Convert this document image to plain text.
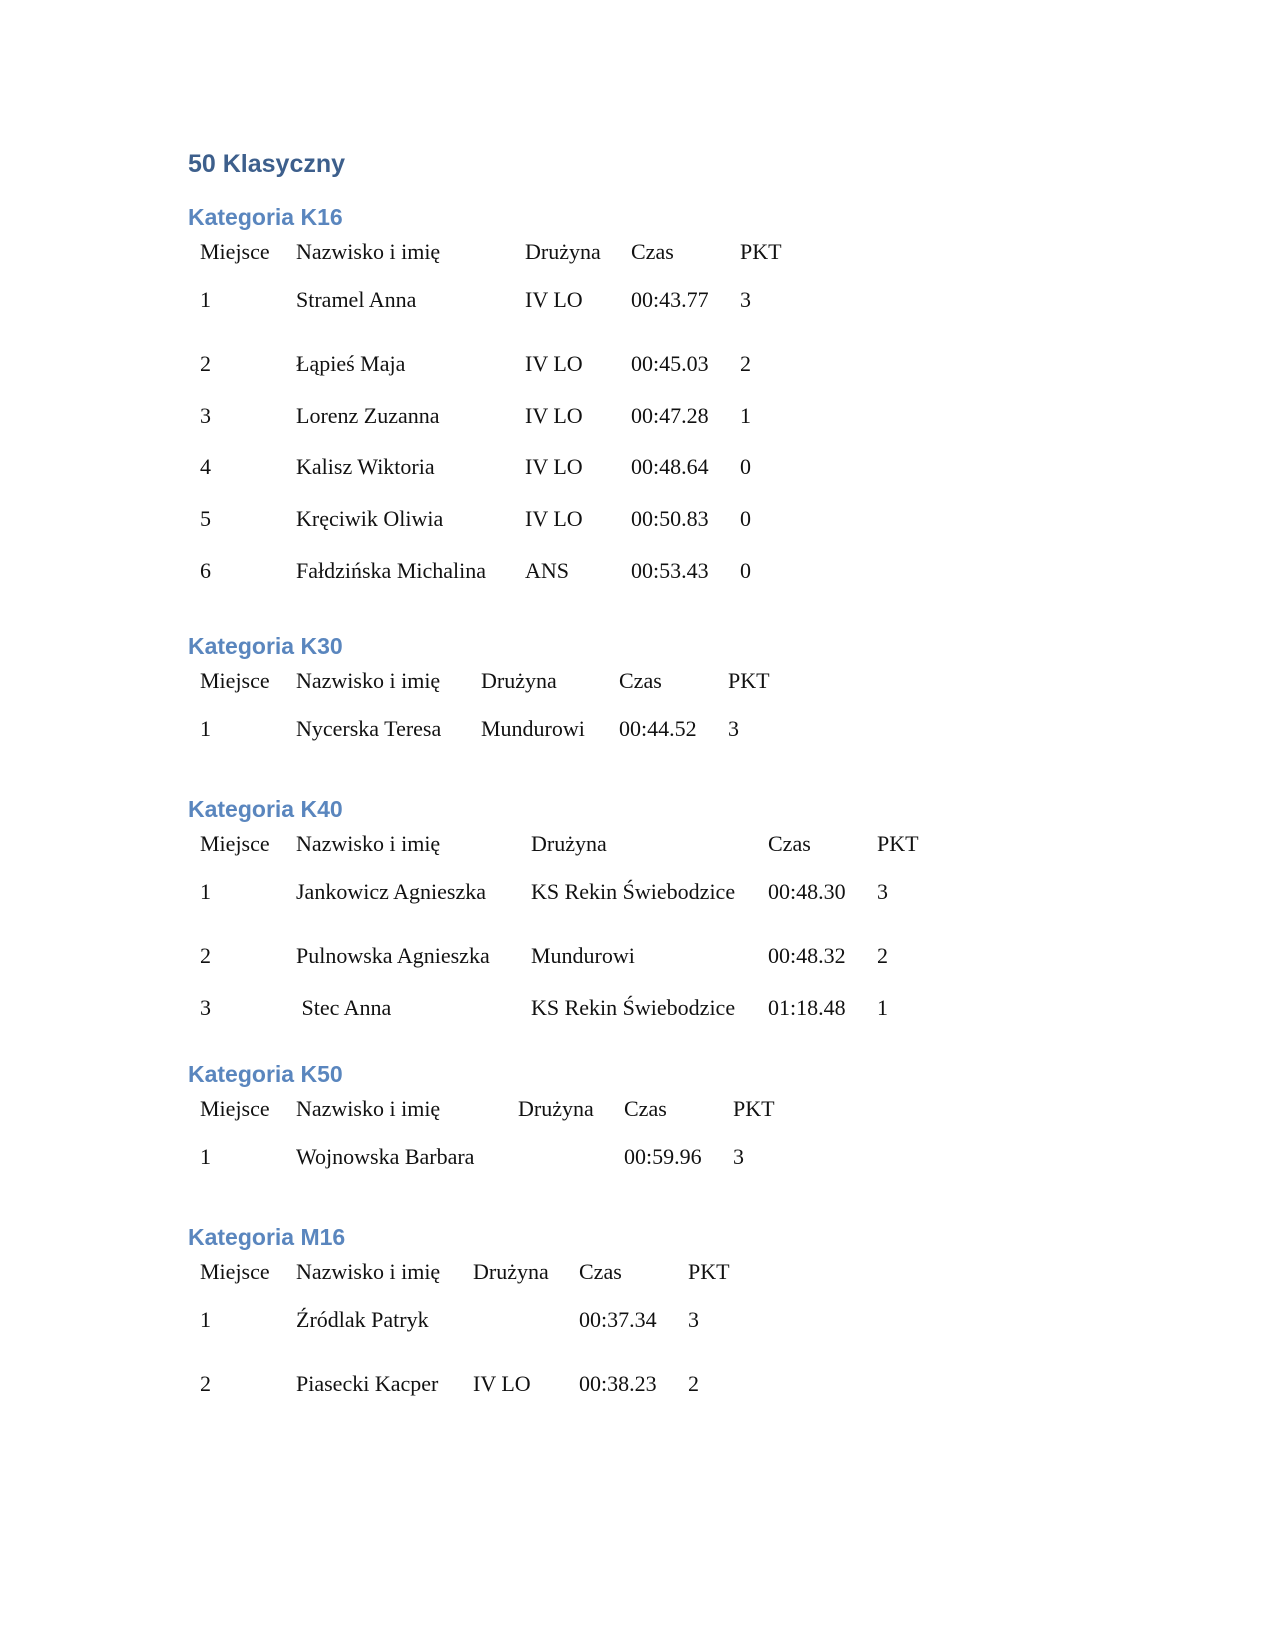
50 Klasyczny
Kategoria K16
Miejsce	Nazwisko i imię	Drużyna	Czas	PKT
1	Stramel Anna	IV LO	00:43.77	3
2	Łąpieś Maja	IV LO	00:45.03	2
3	Lorenz Zuzanna	IV LO	00:47.28	1
4	Kalisz Wiktoria	IV LO	00:48.64	0
5	Kręciwik Oliwia	IV LO	00:50.83	0
6	Fałdzińska Michalina	ANS	00:53.43	0
Kategoria K30
Miejsce	Nazwisko i imię	Drużyna	Czas	PKT
1	Nycerska Teresa	Mundurowi	00:44.52	3
Kategoria K40
Miejsce	Nazwisko i imię	Drużyna	Czas	PKT
1	Jankowicz Agnieszka	KS Rekin Świebodzice	00:48.30	3
2	Pulnowska Agnieszka	Mundurowi	00:48.32	2
3	Stec Anna	KS Rekin Świebodzice	01:18.48	1
Kategoria K50
Miejsce	Nazwisko i imię	Drużyna	Czas	PKT
1	Wojnowska Barbara		00:59.96	3
Kategoria M16
Miejsce	Nazwisko i imię	Drużyna	Czas	PKT
1	Źródlak Patryk		00:37.34	3
2	Piasecki Kacper	IV LO	00:38.23	2
